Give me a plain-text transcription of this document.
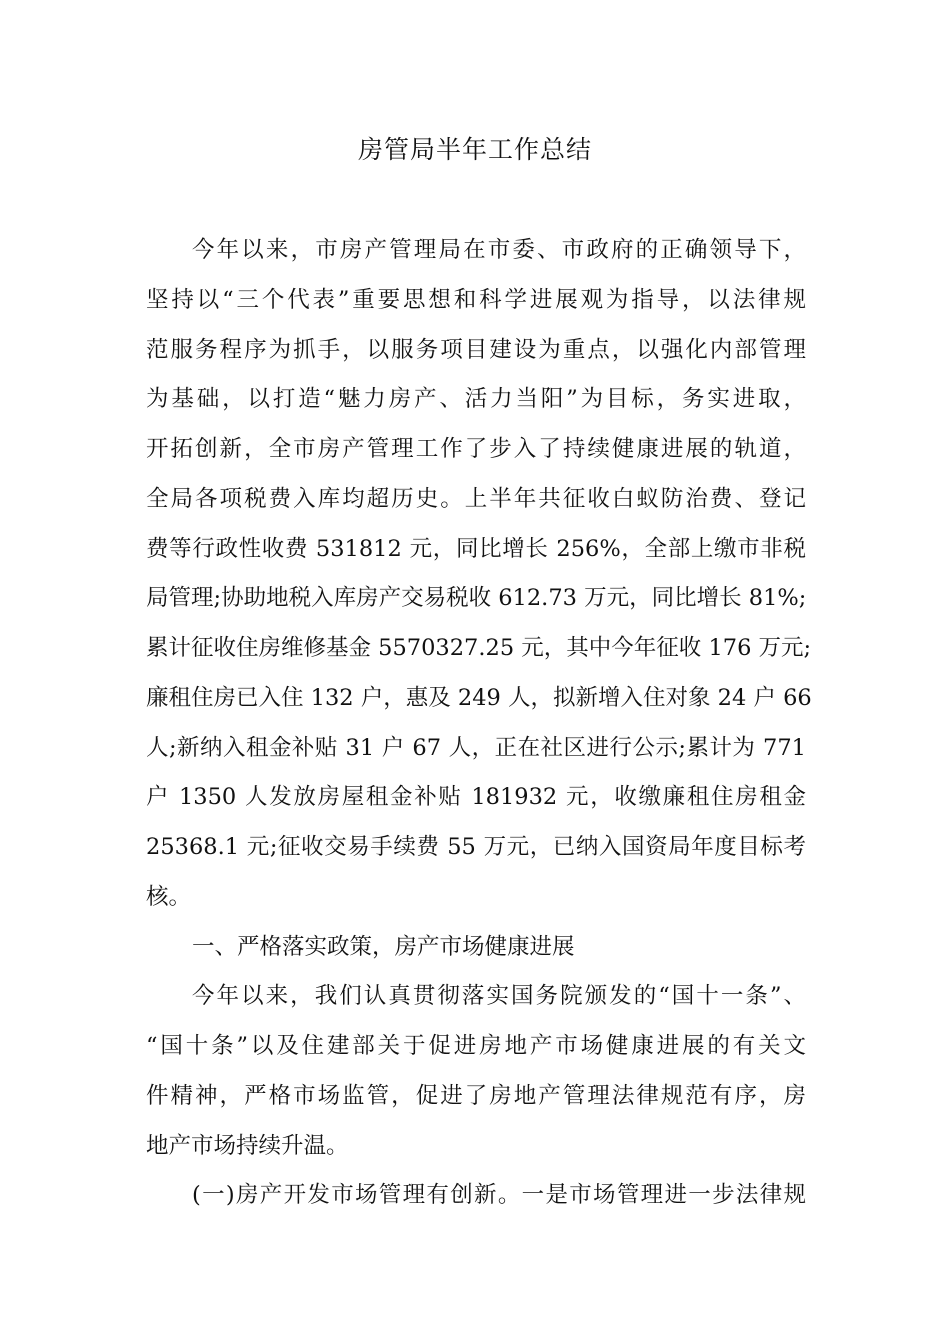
房管局半年工作总结
今年以来，市房产管理局在市委、市政府的正确领导下，
坚持以“三个代表”重要思想和科学进展观为指导，以法律规
范服务程序为抓手，以服务项目建设为重点，以强化内部管理
为基础，以打造“魅力房产、活力当阳”为目标，务实进取，
开拓创新，全市房产管理工作了步入了持续健康进展的轨道，
全局各项税费入库均超历史。上半年共征收白蚁防治费、登记
费等行政性收费 531812 元，同比增长 256%，全部上缴市非税
局管理;协助地税入库房产交易税收 612.73 万元，同比增长 81%;
累计征收住房维修基金 5570327.25 元，其中今年征收 176 万元;
廉租住房已入住 132 户，惠及 249 人，拟新增入住对象 24 户 66
人;新纳入租金补贴 31 户 67 人，正在社区进行公示;累计为 771
户 1350 人发放房屋租金补贴 181932 元，收缴廉租住房租金
25368.1 元;征收交易手续费 55 万元，已纳入国资局年度目标考
核。
一、严格落实政策，房产市场健康进展
今年以来，我们认真贯彻落实国务院颁发的“国十一条”、
“国十条”以及住建部关于促进房地产市场健康进展的有关文
件精神，严格市场监管，促进了房地产管理法律规范有序，房
地产市场持续升温。
(一)房产开发市场管理有创新。一是市场管理进一步法律规
